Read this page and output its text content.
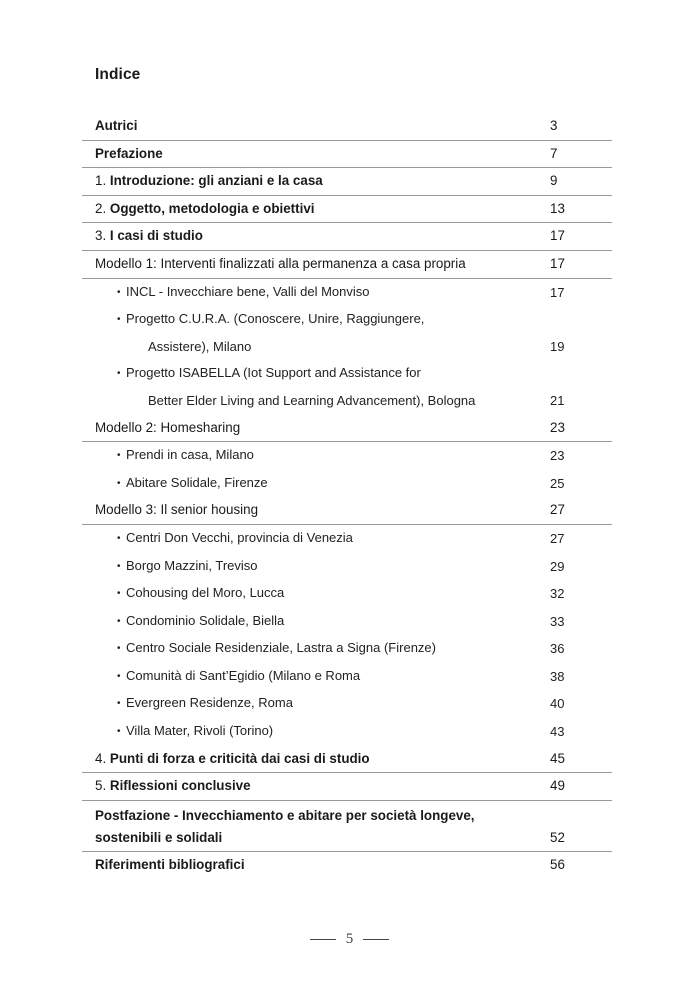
Indice
Autrici	3
Prefazione	7
1. Introduzione: gli anziani e la casa	9
2. Oggetto, metodologia e obiettivi	13
3. I casi di studio	17
Modello 1: Interventi finalizzati alla permanenza a casa propria	17
• INCL - Invecchiare bene, Valli del Monviso	17
• Progetto C.U.R.A. (Conoscere, Unire, Raggiungere,
Assistere), Milano	19
• Progetto ISABELLA (Iot Support and Assistance for
Better Elder Living and Learning Advancement), Bologna	21
Modello 2: Homesharing	23
• Prendi in casa, Milano	23
• Abitare Solidale, Firenze	25
Modello 3: Il senior housing	27
• Centri Don Vecchi, provincia di Venezia	27
• Borgo Mazzini, Treviso	29
• Cohousing del Moro, Lucca	32
• Condominio Solidale, Biella	33
• Centro Sociale Residenziale, Lastra a Signa (Firenze)	36
• Comunità di Sant’Egidio (Milano e Roma	38
• Evergreen Residenze, Roma	40
• Villa Mater, Rivoli (Torino)	43
4. Punti di forza e criticità dai casi di studio	45
5. Riflessioni conclusive	49
Postfazione - Invecchiamento e abitare per società longeve,
sostenibili e solidali	52
Riferimenti bibliografici	56
5
